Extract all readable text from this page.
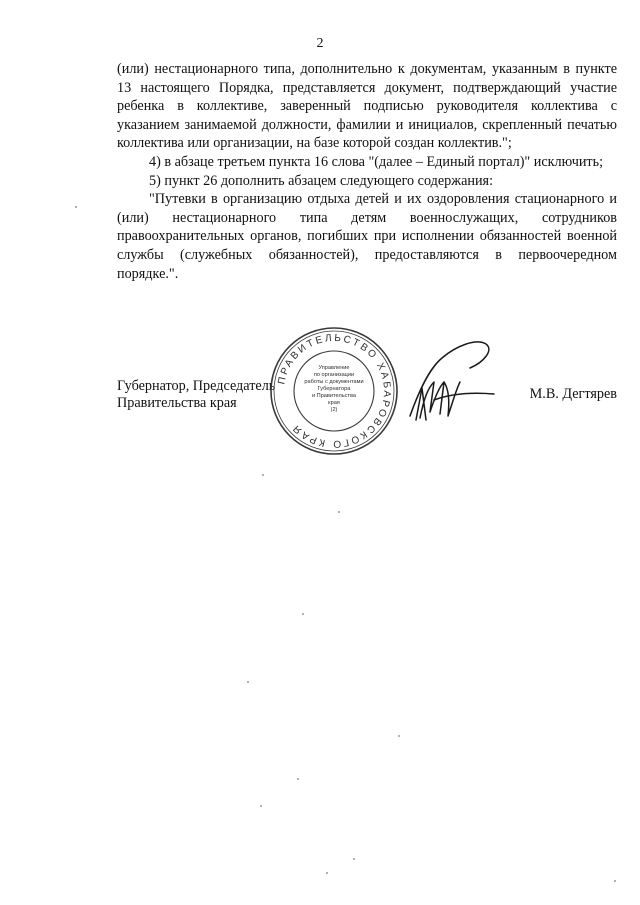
2

(или) нестационарного типа, дополнительно к документам, указанным в пункте 13 настоящего Порядка, представляется документ, подтверждающий участие ребенка в коллективе, заверенный подписью руководителя коллектива с указанием занимаемой должности, фамилии и инициалов, скрепленный печатью коллектива или организации, на базе которой создан коллектив.";

4) в абзаце третьем пункта 16 слова "(далее – Единый портал)" исключить;

5) пункт 26 дополнить абзацем следующего содержания:

"Путевки в организацию отдыха детей и их оздоровления стационарного и (или) нестационарного типа детям военнослужащих, сотрудников правоохранительных органов, погибших при исполнении обязанностей военной службы (служебных обязанностей), предоставляются в первоочередном порядке.".

Губернатор, Председатель
Правительства края
М.В. Дегтярев
ПРАВИТЕЛЬСТВО ХАБАРОВСКОГО КРАЯ
Управление
по организации
работы с документами
Губернатора
и Правительства
края
(2)
